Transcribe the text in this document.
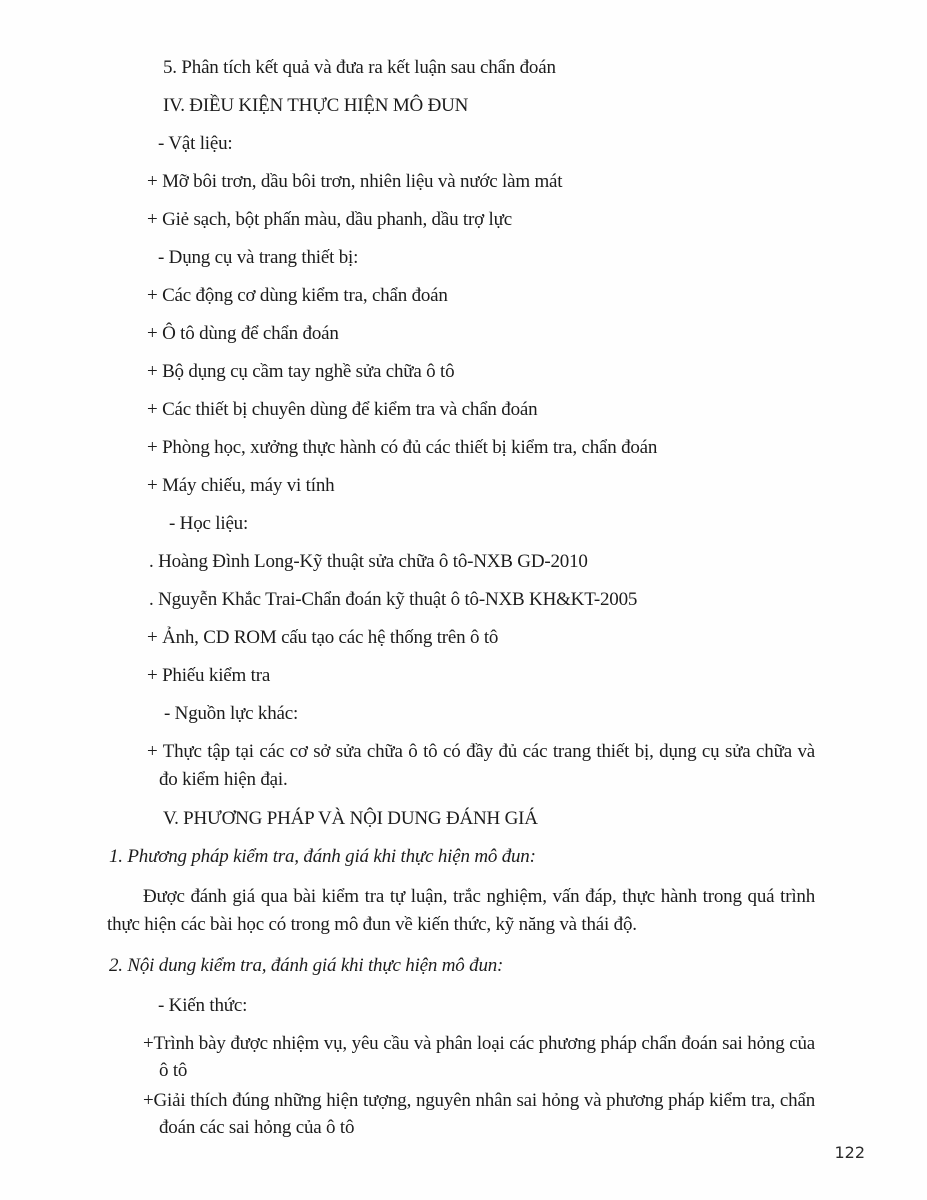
5. Phân tích kết quả và đưa ra kết luận sau chẩn đoán

IV. ĐIỀU KIỆN THỰC HIỆN MÔ ĐUN

- Vật liệu:

+ Mỡ bôi trơn, dầu bôi trơn, nhiên liệu và nước làm mát

+ Giẻ sạch, bột phấn màu, dầu phanh, dầu trợ lực

- Dụng cụ và trang thiết bị:

+ Các động cơ dùng kiểm tra, chẩn đoán

+ Ô tô dùng để chẩn đoán

+ Bộ dụng cụ cầm tay nghề sửa chữa ô tô

+ Các thiết bị chuyên dùng để kiểm tra và chẩn đoán

+ Phòng học, xưởng thực hành có đủ các thiết bị kiểm tra, chẩn đoán

+ Máy chiếu, máy vi tính

- Học liệu:

. Hoàng Đình Long-Kỹ thuật sửa chữa ô tô-NXB GD-2010

. Nguyễn Khắc Trai-Chẩn đoán kỹ thuật ô tô-NXB KH&KT-2005

+ Ảnh, CD ROM cấu tạo các hệ thống trên ô tô

+ Phiếu kiểm tra

- Nguồn lực khác:

+ Thực tập tại các cơ sở sửa chữa ô tô có đầy đủ các trang thiết bị, dụng cụ sửa chữa và đo kiểm hiện đại.

V. PHƯƠNG PHÁP VÀ NỘI DUNG ĐÁNH GIÁ

1. Phương pháp kiểm tra, đánh giá khi thực hiện mô đun:

Được đánh giá qua bài kiểm tra tự luận, trắc nghiệm, vấn đáp, thực hành trong quá trình thực hiện các bài học có trong mô đun về kiến thức, kỹ năng và thái độ.

2. Nội dung kiểm tra, đánh giá khi thực hiện mô đun:

- Kiến thức:

+Trình bày được nhiệm vụ, yêu cầu và phân loại các phương pháp chẩn đoán sai hỏng của ô tô

+Giải thích đúng những hiện tượng, nguyên nhân sai hỏng và phương pháp kiểm tra, chẩn đoán các sai hỏng của ô tô

122
